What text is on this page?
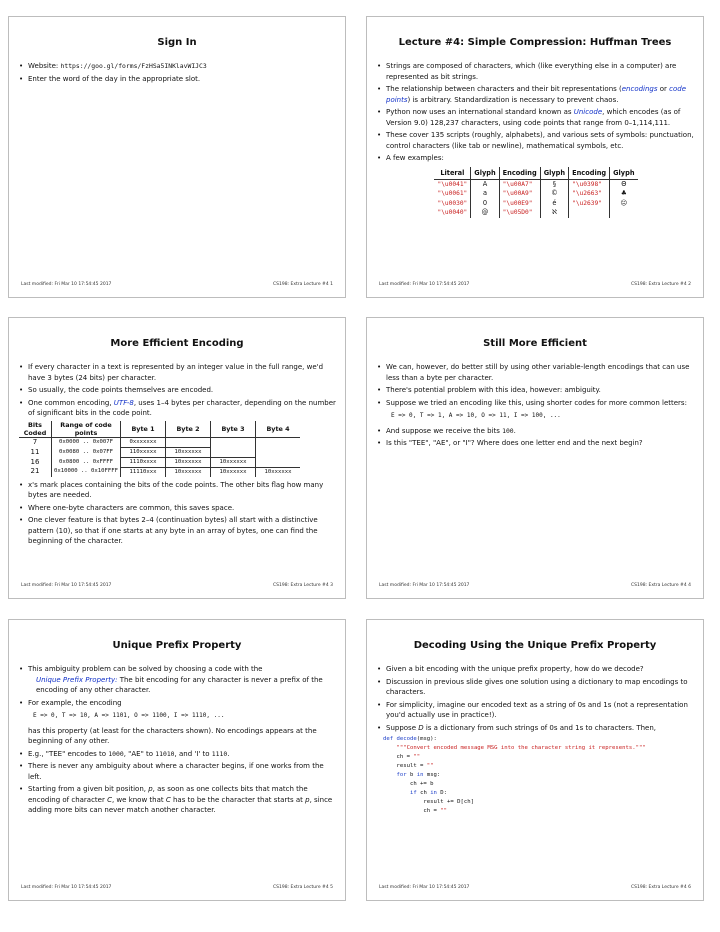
Sign In
• Website: https://goo.gl/forms/FzHSa5INKlavWIJC3
• Enter the word of the day in the appropriate slot.
Last modified: Fri Mar 10 17:54:45 2017	CS198: Extra Lecture #4 1
Lecture #4: Simple Compression: Huffman Trees
• Strings are composed of characters, which (like everything else in a computer) are represented as bit strings.
• The relationship between characters and their bit representations (encodings or code points) is arbitrary. Standardization is necessary to prevent chaos.
• Python now uses an international standard known as Unicode, which encodes (as of Version 9.0) 128,237 characters, using code points that range from 0–1,114,111.
• These cover 135 scripts (roughly, alphabets), and various sets of symbols: punctuation, control characters (like tab or newline), mathematical symbols, etc.
• A few examples:
Literal	Glyph	Encoding	Glyph	Encoding	Glyph
"\u0041"	A	"\u00A7"	§	"\u0398"	Θ
"\u0061"	a	"\u00A9"	©	"\u2663"	♣
"\u0030"	0	"\u00E9"	é	"\u2639"	☹
"\u0040"	@	"\u05D0"	ℵ		
Last modified: Fri Mar 10 17:54:45 2017	CS198: Extra Lecture #4 2
More Efficient Encoding
• If every character in a text is represented by an integer value in the full range, we'd have 3 bytes (24 bits) per character.
• So usually, the code points themselves are encoded.
• One common encoding, UTF-8, uses 1–4 bytes per character, depending on the number of significant bits in the code point.
Bits Coded	Range of code points	Byte 1	Byte 2	Byte 3	Byte 4
7	0x0000 .. 0x007F	0xxxxxxx			
11	0x0080 .. 0x07FF	110xxxxx	10xxxxxx		
16	0x0800 .. 0xFFFF	1110xxxx	10xxxxxx	10xxxxxx	
21	0x10000 .. 0x10FFFF	11110xxx	10xxxxxx	10xxxxxx	10xxxxxx
• x's mark places containing the bits of the code points. The other bits flag how many bytes are needed.
• Where one-byte characters are common, this saves space.
• One clever feature is that bytes 2–4 (continuation bytes) all start with a distinctive pattern (10), so that if one starts at any byte in an array of bytes, one can find the beginning of the character.
Last modified: Fri Mar 10 17:54:45 2017	CS198: Extra Lecture #4 3
Still More Efficient
• We can, however, do better still by using other variable-length encodings that can use less than a byte per character.
• There's potential problem with this idea, however: ambiguity.
• Suppose we tried an encoding like this, using shorter codes for more common letters:
E => 0, T => 1, A => 10, O => 11, I => 100, ...
• And suppose we receive the bits 100.
• Is this "TEE", "AE", or "I"? Where does one letter end and the next begin?
Last modified: Fri Mar 10 17:54:45 2017	CS198: Extra Lecture #4 4
Unique Prefix Property
• This ambiguity problem can be solved by choosing a code with the
Unique Prefix Property: The bit encoding for any character is never a prefix of the encoding of any other character.
• For example, the encoding
E => 0, T => 10, A => 1101, O => 1100, I => 1110, ...
has this property (at least for the characters shown). No encodings appears at the beginning of any other.
• E.g., "TEE" encodes to 1000, "AE" to 11010, and 'I' to 1110.
• There is never any ambiguity about where a character begins, if one works from the left.
• Starting from a given bit position, p, as soon as one collects bits that match the encoding of character C, we know that C has to be the character that starts at p, since adding more bits can never match another character.
Last modified: Fri Mar 10 17:54:45 2017	CS198: Extra Lecture #4 5
Decoding Using the Unique Prefix Property
• Given a bit encoding with the unique prefix property, how do we decode?
• Discussion in previous slide gives one solution using a dictionary to map encodings to characters.
• For simplicity, imagine our encoded text as a string of 0s and 1s (not a representation you'd actually use in practice!).
• Suppose D is a dictionary from such strings of 0s and 1s to characters. Then,
def decode(msg):
"""Convert encoded message MSG into the character string it represents."""
ch = ""
result = ""
for b in msg:
ch += b
if ch in D:
result += D[ch]
ch = ""
Last modified: Fri Mar 10 17:54:45 2017	CS198: Extra Lecture #4 6
